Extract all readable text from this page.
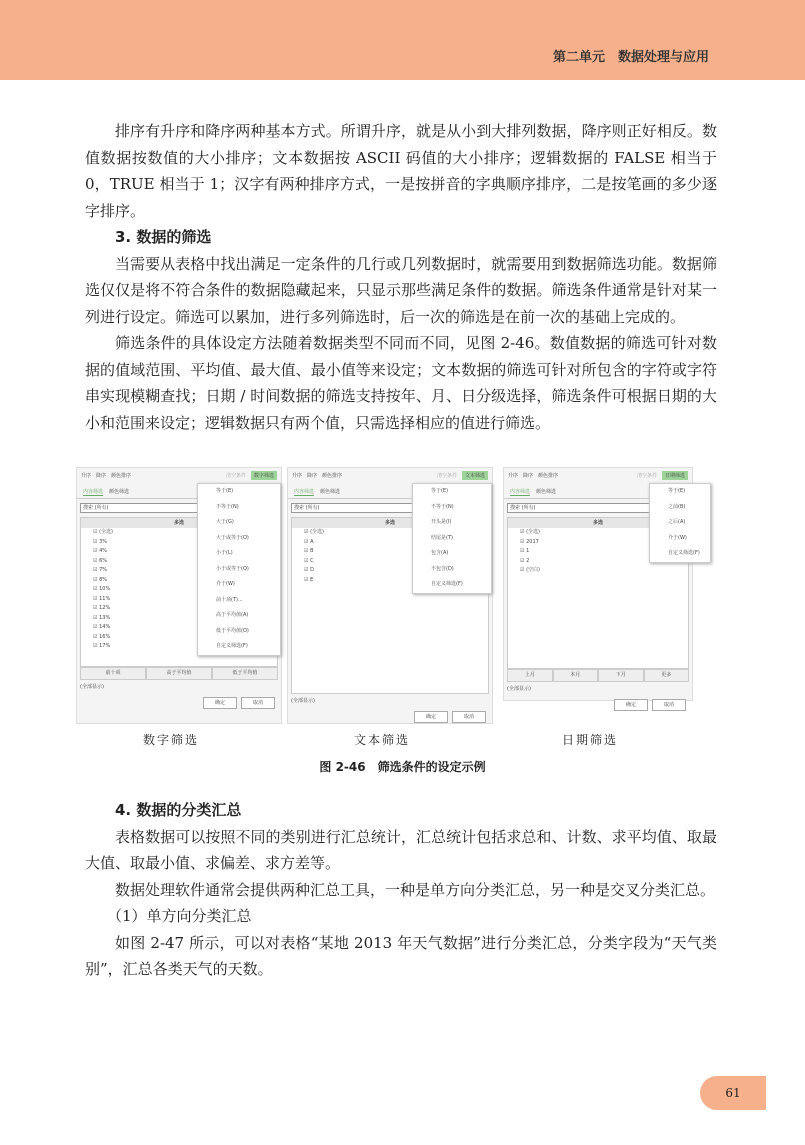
第二单元　数据处理与应用

排序有升序和降序两种基本方式。所谓升序，就是从小到大排列数据，降序则正好相反。数值数据按数值的大小排序；文本数据按 ASCII 码值的大小排序；逻辑数据的 FALSE 相当于 0，TRUE 相当于 1；汉字有两种排序方式，一是按拼音的字典顺序排序，二是按笔画的多少逐字排序。

3. 数据的筛选

当需要从表格中找出满足一定条件的几行或几列数据时，就需要用到数据筛选功能。数据筛选仅仅是将不符合条件的数据隐藏起来，只显示那些满足条件的数据。筛选条件通常是针对某一列进行设定。筛选可以累加，进行多列筛选时，后一次的筛选是在前一次的基础上完成的。

筛选条件的具体设定方法随着数据类型不同而不同，见图 2-46。数值数据的筛选可针对数据的值域范围、平均值、最大值、最小值等来设定；文本数据的筛选可针对所包含的字符或字符串实现模糊查找；日期 / 时间数据的筛选支持按年、月、日分级选择，筛选条件可根据日期的大小和范围来设定；逻辑数据只有两个值，只需选择相应的值进行筛选。

升序 降序 颜色排序	清空条件	数字筛选
内容筛选 颜色筛选
搜索 (所有)
多选
☑ (全选)
☑ 3%
☑ 4%
☑ 6%
☑ 7%
☑ 8%
☑ 10%
☑ 11%
☑ 12%
☑ 13%
☑ 14%
☑ 16%
☑ 17%
前十项	高于平均值	低于平均值
(全部显示)
确定	取消
等于(E)
不等于(N)
大于(G)
大于或等于(O)
小于(L)
小于或等于(Q)
介于(W)
前十项(T)...
高于平均值(A)
低于平均值(O)
自定义筛选(F)
数字筛选
升序 降序 颜色排序	清空条件	文本筛选
内容筛选 颜色筛选
搜索 (所有)
多选
☑ (全选)
☑ A
☑ B
☑ C
☑ D
☑ E
(全部显示)
确定	取消
等于(E)
不等于(N)
开头是(I)
结尾是(T)
包含(A)
不包含(D)
自定义筛选(F)
文本筛选
升序 降序 颜色排序	清空条件	日期筛选
内容筛选 颜色筛选
搜索 (所有)
多选
☑ (全选)
☑ 2017
☑ 1
☑ 2
☑ (空白)
上月	本月	下月	更多
(全部显示)
确定	取消
等于(E)
之前(B)
之后(A)
介于(W)
自定义筛选(F)
日期筛选
图 2-46　筛选条件的设定示例

4. 数据的分类汇总

表格数据可以按照不同的类别进行汇总统计，汇总统计包括求总和、计数、求平均值、取最大值、取最小值、求偏差、求方差等。

数据处理软件通常会提供两种汇总工具，一种是单方向分类汇总，另一种是交叉分类汇总。

（1）单方向分类汇总

如图 2-47 所示，可以对表格“某地 2013 年天气数据”进行分类汇总，分类字段为“天气类别”，汇总各类天气的天数。

61
